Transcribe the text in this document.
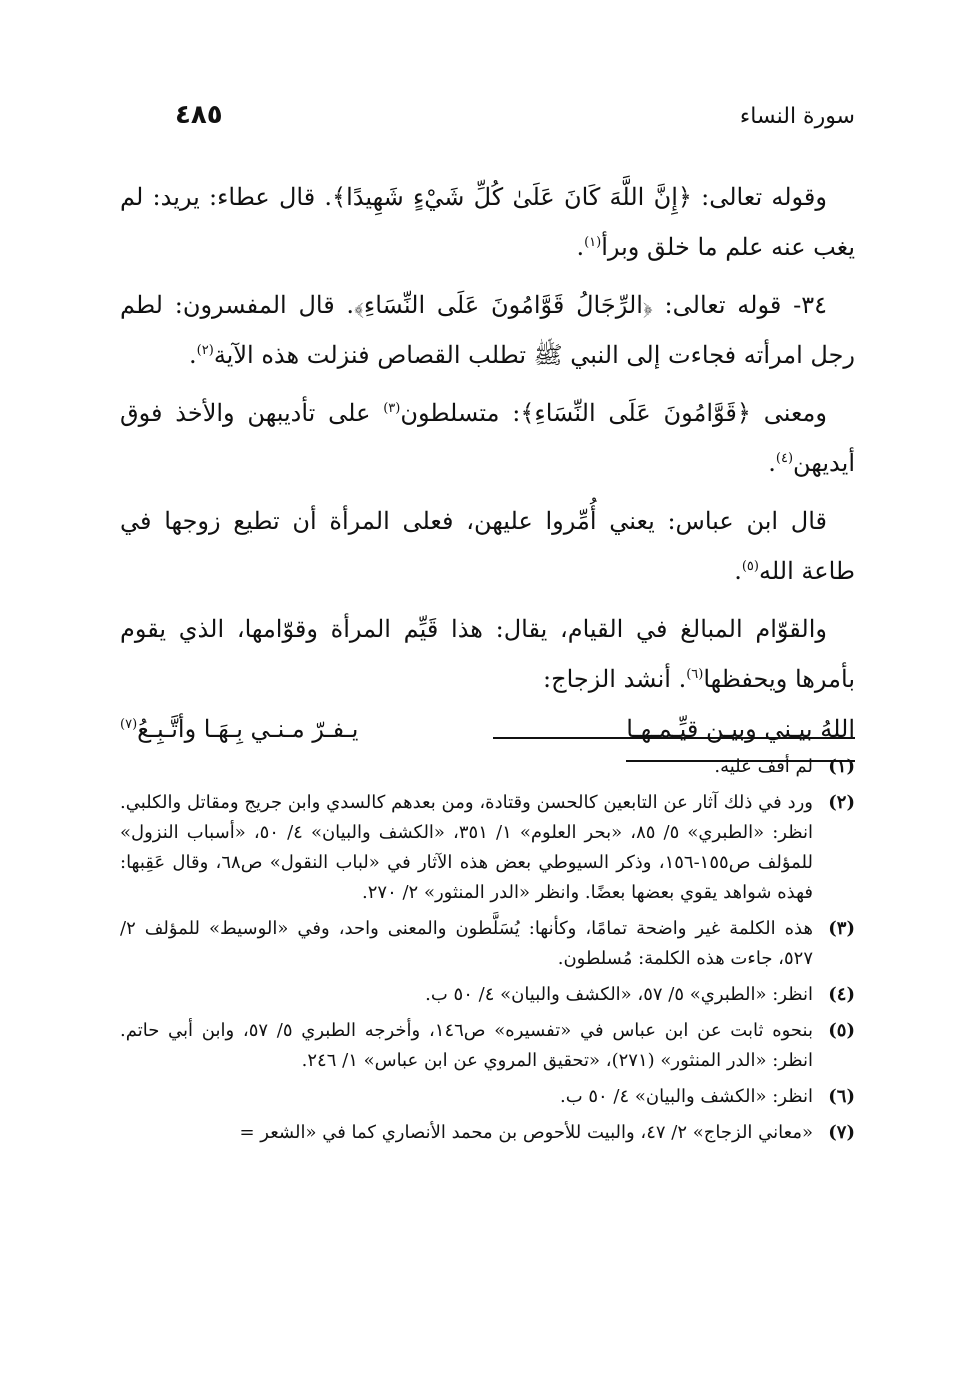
سورة النساء
٤٨٥

وقوله تعالى: ﴿إِنَّ اللَّهَ كَانَ عَلَىٰ كُلِّ شَيْءٍ شَهِيدًا﴾. قال عطاء: يريد: لم يغب عنه علم ما خلق وبرأ$^{(١)}$.

٣٤- قوله تعالى: ﴿الرِّجَالُ قَوَّامُونَ عَلَى النِّسَاءِ﴾. قال المفسرون: لطم رجل امرأته فجاءت إلى النبي ﷺ تطلب القصاص فنزلت هذه الآية$^{(٢)}$.

ومعنى ﴿قَوَّامُونَ عَلَى النِّسَاءِ﴾: متسلطون$^{(٣)}$ على تأديبهن والأخذ فوق أيديهن$^{(٤)}$.

قال ابن عباس: يعني أُمِّروا عليهن، فعلى المرأة أن تطيع زوجها في طاعة الله$^{(٥)}$.

والقوّام المبالغ في القيام، يقال: هذا قَيِّم المرأة وقوّامها، الذي يقوم بأمرها ويحفظها$^{(٦)}$. أنشد الزجاج:

اللهُ بيـني وبيـن قيِّـمـهـا
يـفـرّ مـنـي بِـهَـا وأتَّـبِـعُ$^{(٧)}$
(١)
لم أقف عليه.
(٢)
ورد في ذلك آثار عن التابعين كالحسن وقتادة، ومن بعدهم كالسدي وابن جريج ومقاتل والكلبي. انظر: «الطبري» ٥/ ٨٥، «بحر العلوم» ١/ ٣٥١، «الكشف والبيان» ٤/ ٥٠، «أسباب النزول» للمؤلف ص١٥٥-١٥٦، وذكر السيوطي بعض هذه الآثار في «لباب النقول» ص٦٨، وقال عَقِبها: فهذه شواهد يقوي بعضها بعضًا. وانظر «الدر المنثور» ٢/ ٢٧٠.
(٣)
هذه الكلمة غير واضحة تمامًا، وكأنها: يُسَلَّطون والمعنى واحد، وفي «الوسيط» للمؤلف ٢/ ٥٢٧، جاءت هذه الكلمة: مُسلطون.
(٤)
انظر: «الطبري» ٥/ ٥٧، «الكشف والبيان» ٤/ ٥٠ ب.
(٥)
بنحوه ثابت عن ابن عباس في «تفسيره» ص١٤٦، وأخرجه الطبري ٥/ ٥٧، وابن أبي حاتم. انظر: «الدر المنثور» (٢٧١)، «تحقيق المروي عن ابن عباس» ١/ ٢٤٦.
(٦)
انظر: «الكشف والبيان» ٤/ ٥٠ ب.
(٧)
«معاني الزجاج» ٢/ ٤٧، والبيت للأحوص بن محمد الأنصاري كما في «الشعر =
